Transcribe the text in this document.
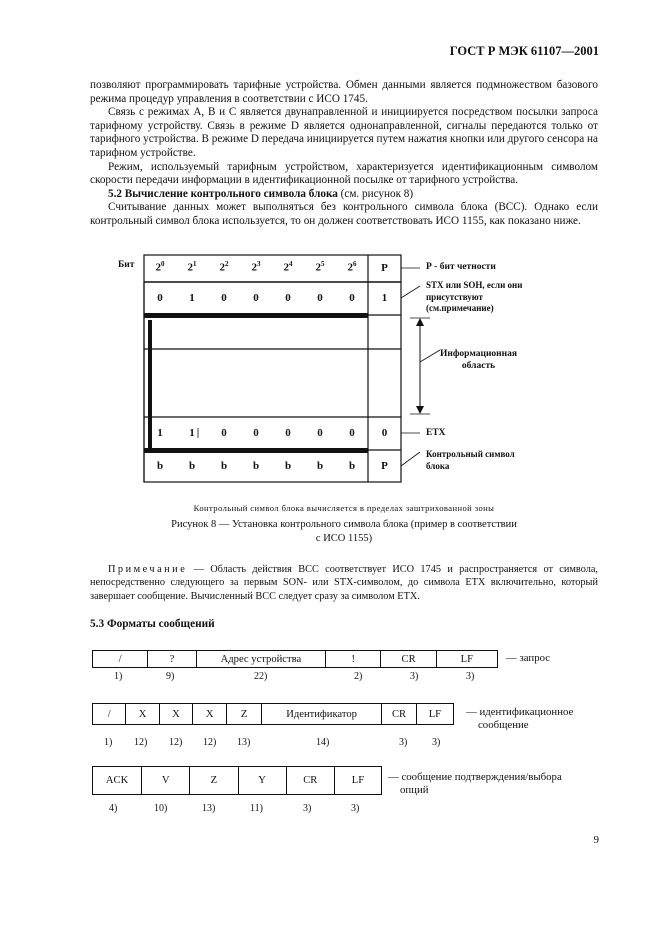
ГОСТ Р МЭК 61107—2001

позволяют программировать тарифные устройства. Обмен данными является подмножеством базового режима процедур управления в соответствии с ИСО 1745.

Связь с режимах А, В и С является двунаправленной и инициируется посредством посылки запроса тарифному устройству. Связь в режиме D является однонаправленной, сигналы передаются только от тарифного устройства. В режиме D передача инициируется путем нажатия кнопки или другого сенсора на тарифном устройстве.

Режим, используемый тарифным устройством, характеризуется идентификационным символом скорости передачи информации в идентификационной посылке от тарифного устройства.

5.2 Вычисление контрольного символа блока (см. рисунок 8)

Считывание данных может выполняться без контрольного символа блока (ВСС). Однако если контрольный символ блока используется, то он должен соответствовать ИСО 1155, как показано ниже.

Бит	$2^0$	$2^1$	$2^2$	$2^3$	$2^4$	$2^5$	$2^6$	P
0	1	0	0	0	0	0	1
1	1	0	0	0	0	0	0
b	b	b	b	b	b	b	P
Р - бит четности
STX или SOH, если они
присутствуют
(см.примечание)
Информационная
область
ETX
Контрольный символ
блока
Контрольный символ блока вычисляется в пределах заштрихованной зоны
Рисунок 8 — Установка контрольного символа блока (пример в соответствии
с ИСО 1155)
Примечание — Область действия ВСС соответствует ИСО 1745 и распространяется от символа, непосредственно следующего за первым SON- или STX-символом, до символа ЕТХ включительно, который завершает сообщение. Вычисленный ВСС следует сразу за символом ЕТХ.
5.3 Форматы сообщений
/	?	Адрес устройства	!	CR	LF	— запрос
1)	9)	22)	2)	3)	3)
/	X	X	X	Z	Идентификатор	CR	LF	— идентификационное
сообщение
1) 12) 12) 12) 13)	14)	3) 3)
ACK	V	Z	Y	CR	LF	— сообщение подтверждения/выбора
опций
4)	10)	13)	11)	3)	3)
9
